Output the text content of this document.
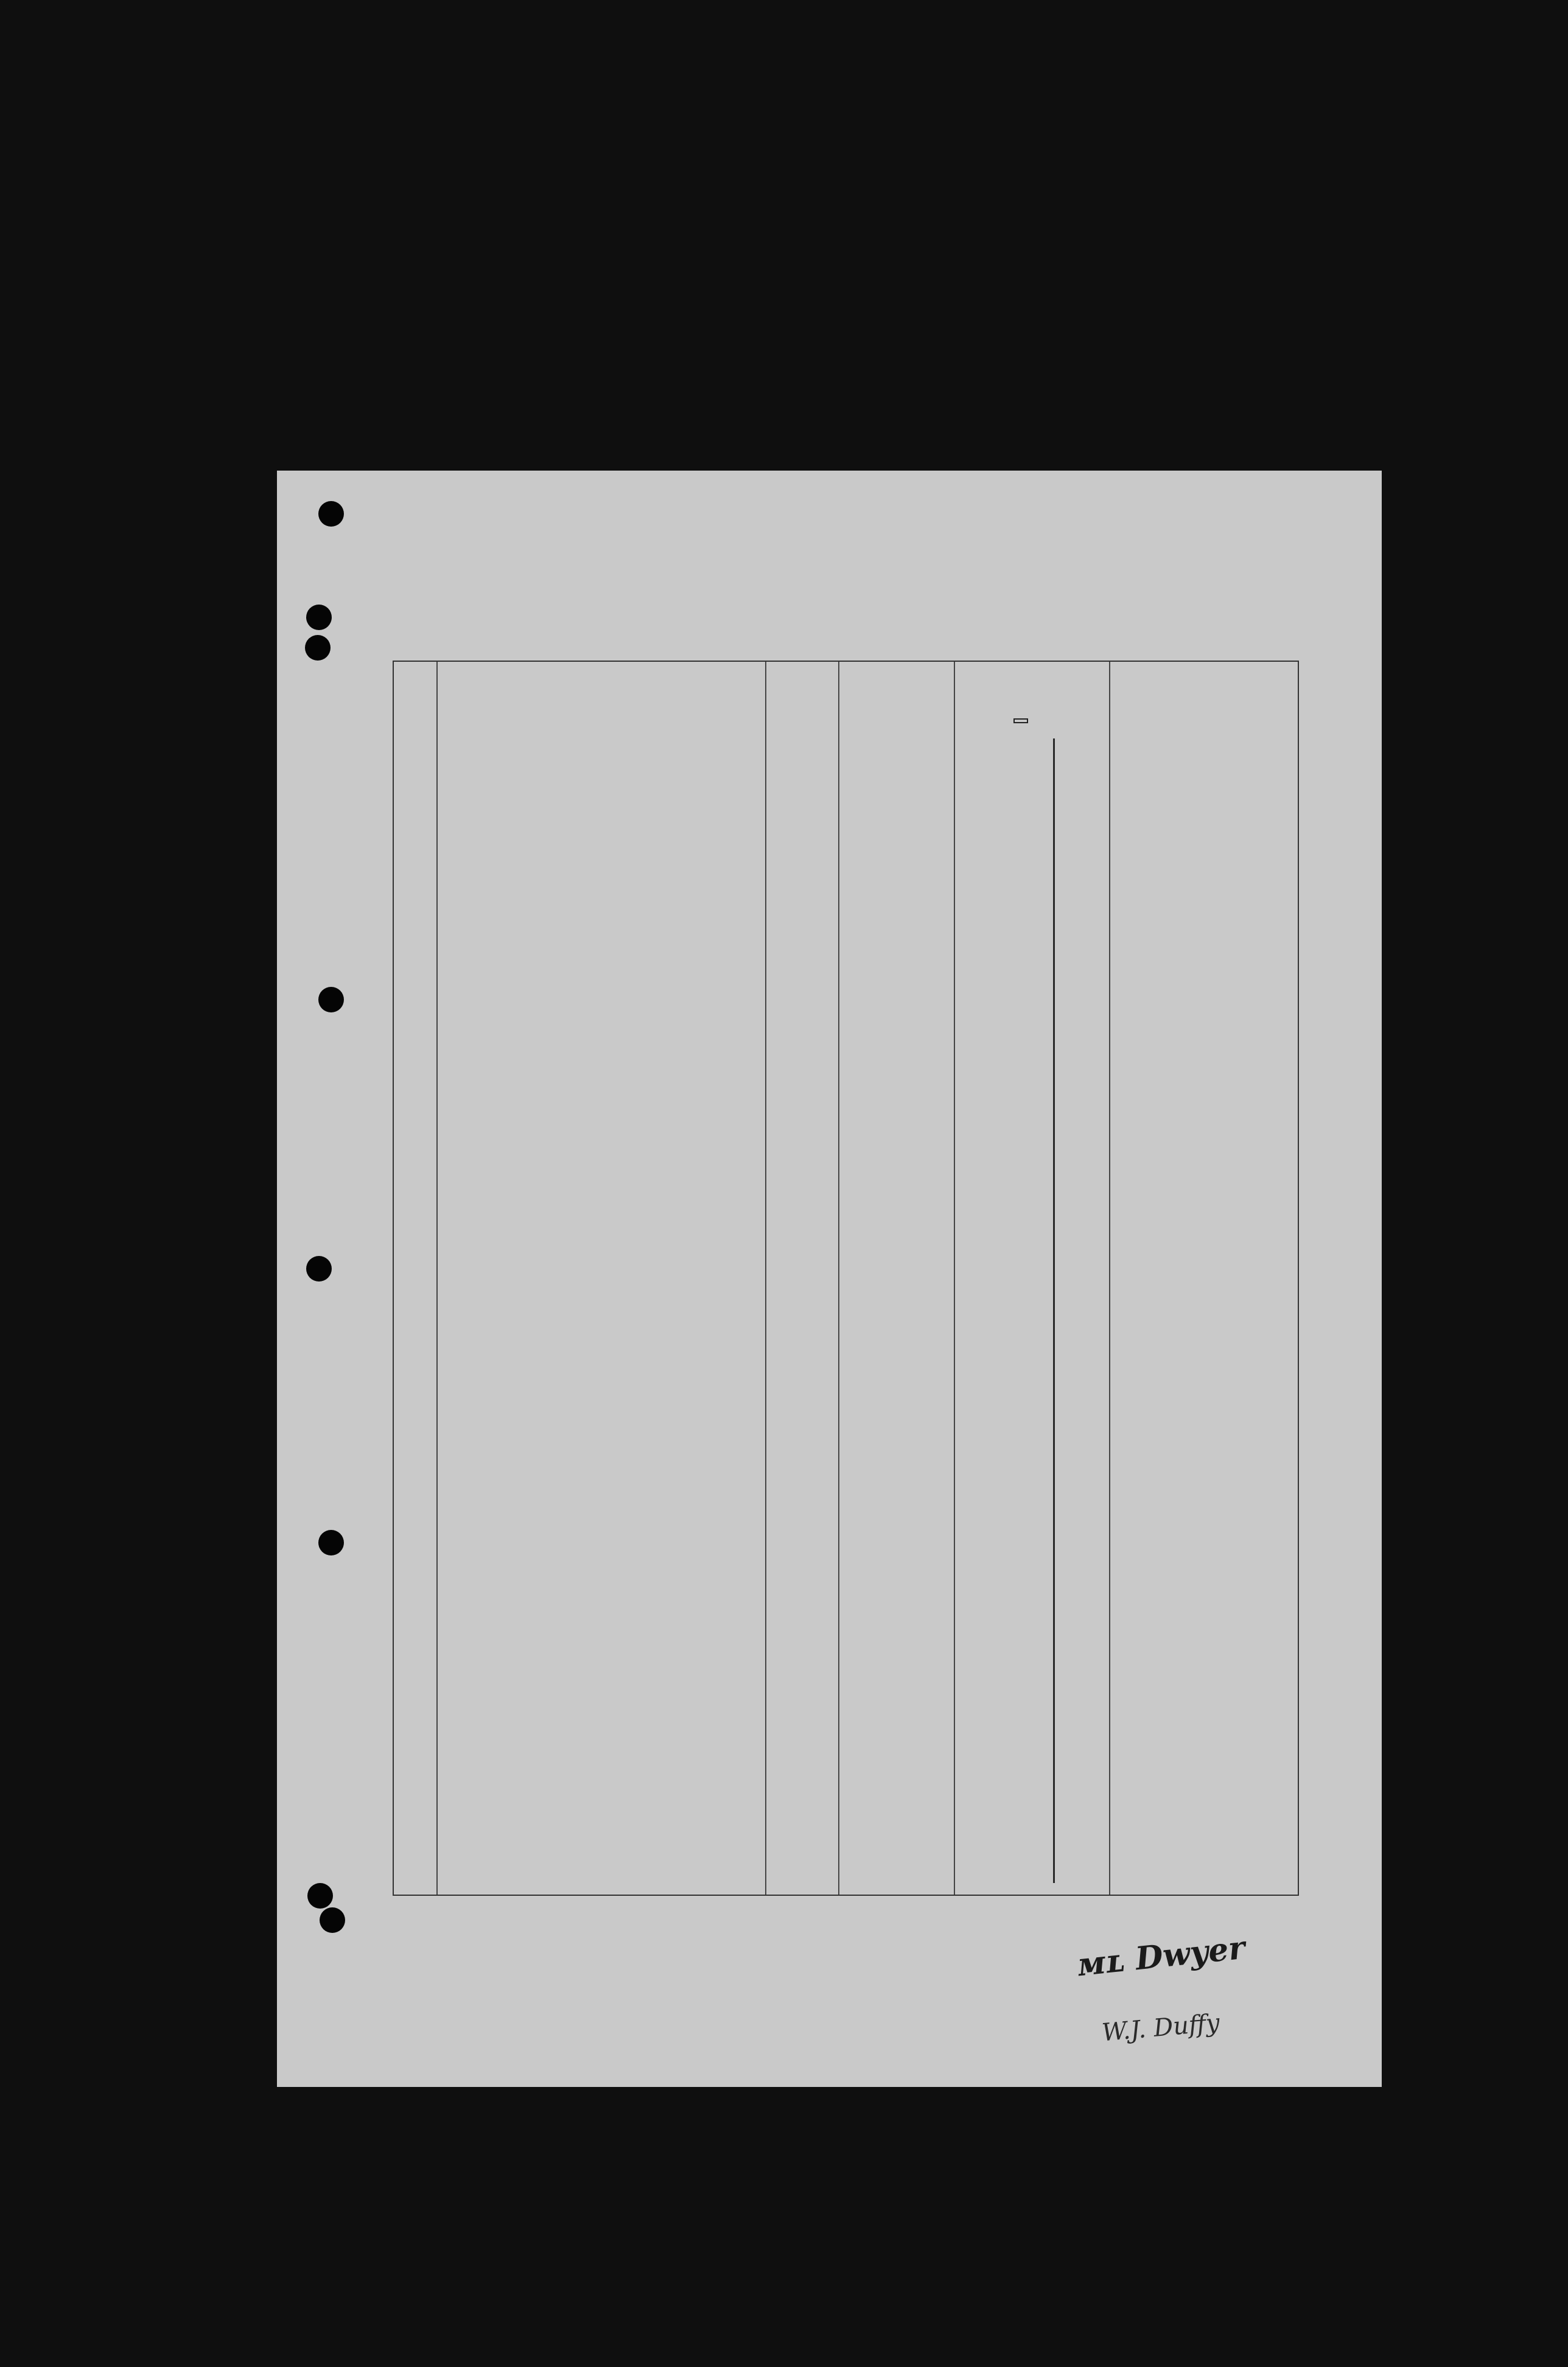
ᴍʟ Dwyer
W.J. Duffy
